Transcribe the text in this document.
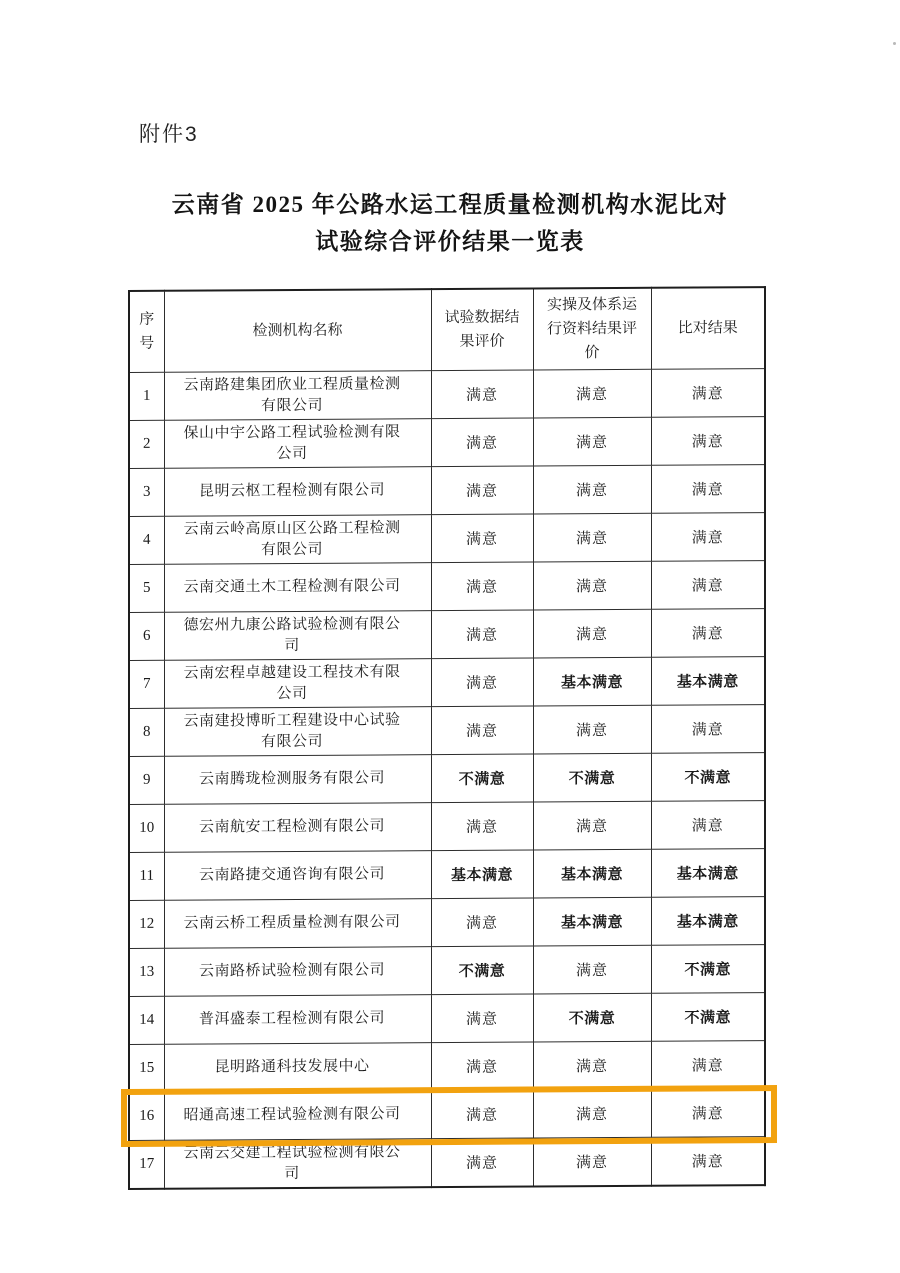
附件3
云南省 2025 年公路水运工程质量检测机构水泥比对
试验综合评价结果一览表
序号	检测机构名称	试验数据结果评价	实操及体系运行资料结果评价	比对结果
1	云南路建集团欣业工程质量检测有限公司	满意	满意	满意
2	保山中宇公路工程试验检测有限公司	满意	满意	满意
3	昆明云枢工程检测有限公司	满意	满意	满意
4	云南云岭高原山区公路工程检测有限公司	满意	满意	满意
5	云南交通土木工程检测有限公司	满意	满意	满意
6	德宏州九康公路试验检测有限公司	满意	满意	满意
7	云南宏程卓越建设工程技术有限公司	满意	基本满意	基本满意
8	云南建投博昕工程建设中心试验有限公司	满意	满意	满意
9	云南腾珑检测服务有限公司	不满意	不满意	不满意
10	云南航安工程检测有限公司	满意	满意	满意
11	云南路捷交通咨询有限公司	基本满意	基本满意	基本满意
12	云南云桥工程质量检测有限公司	满意	基本满意	基本满意
13	云南路桥试验检测有限公司	不满意	满意	不满意
14	普洱盛泰工程检测有限公司	满意	不满意	不满意
15	昆明路通科技发展中心	满意	满意	满意
16	昭通高速工程试验检测有限公司	满意	满意	满意
17	云南云交建工程试验检测有限公司	满意	满意	满意
